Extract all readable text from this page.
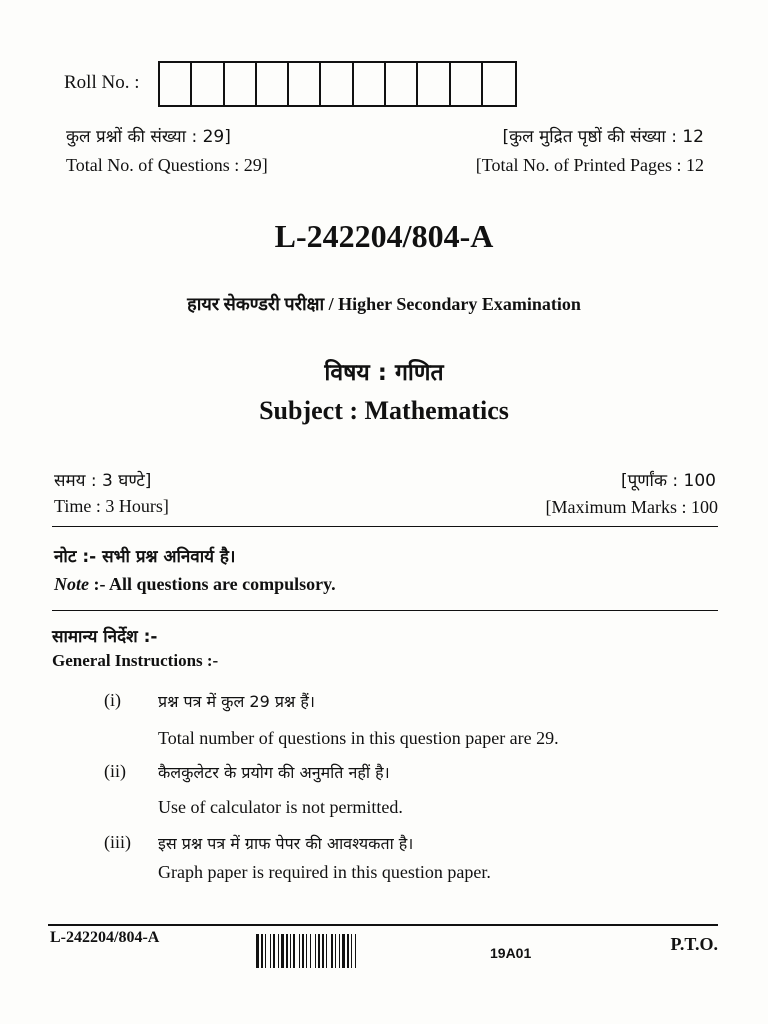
Roll No. :
कुल प्रश्नों की संख्या : 29]
Total No. of Questions : 29]
[कुल मुद्रित पृष्ठों की संख्या : 12
[Total No. of Printed Pages : 12
L-242204/804-A
हायर सेकण्डरी परीक्षा / Higher Secondary Examination
विषय : गणित
Subject : Mathematics
समय : 3 घण्टे]
Time : 3 Hours]
[पूर्णांक : 100
[Maximum Marks : 100
नोट :- सभी प्रश्न अनिवार्य है।
Note :- All questions are compulsory.
सामान्य निर्देश :-
General Instructions :-
(i) प्रश्न पत्र में कुल 29 प्रश्न हैं।
Total number of questions in this question paper are 29.
(ii) कैलकुलेटर के प्रयोग की अनुमति नहीं है।
Use of calculator is not permitted.
(iii) इस प्रश्न पत्र में ग्राफ पेपर की आवश्यकता है।
Graph paper is required in this question paper.
L-242204/804-A
19A01	P.T.O.
